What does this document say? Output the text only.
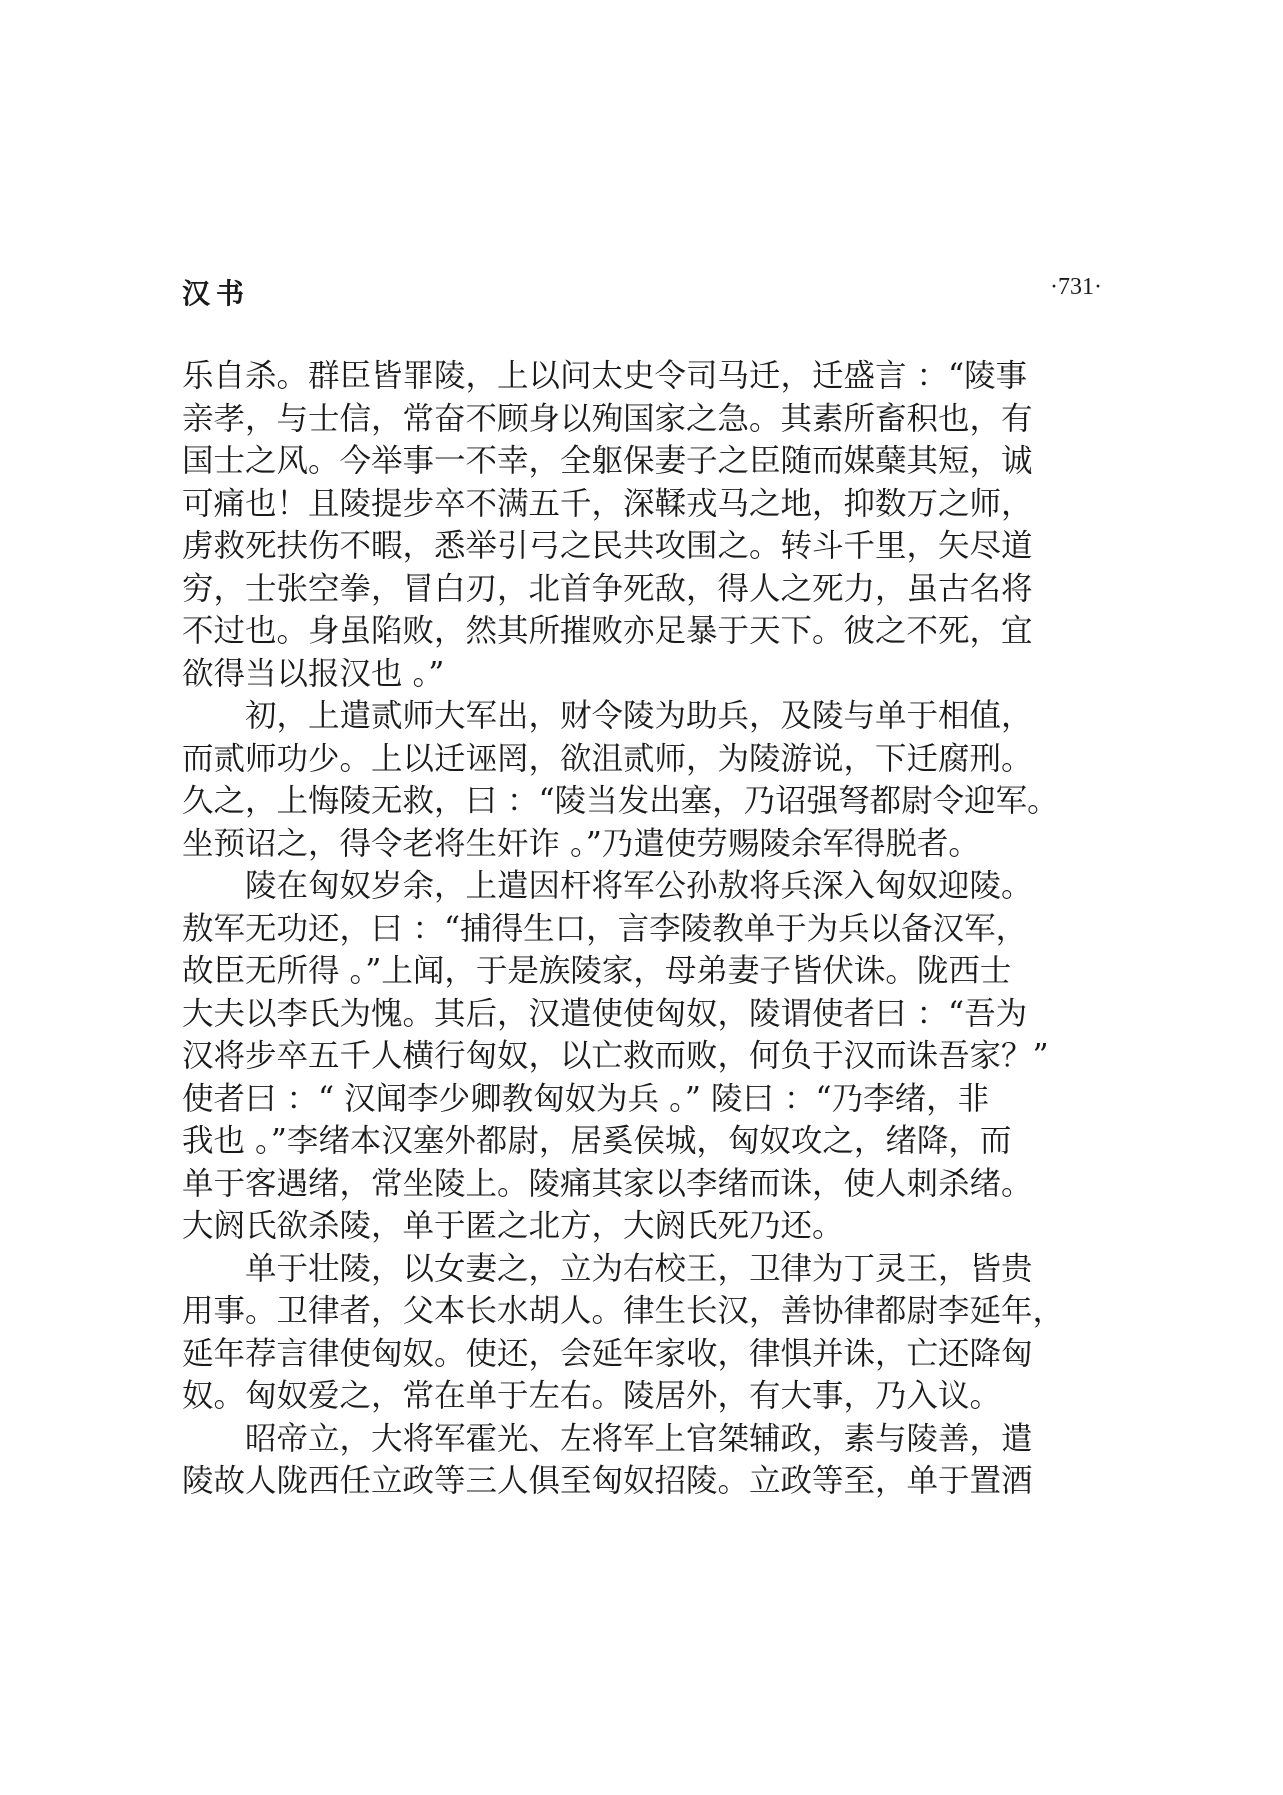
汉书	·731·
乐自杀。群臣皆罪陵，上以问太史令司马迁，迁盛言 ：“陵事
亲孝，与士信，常奋不顾身以殉国家之急。其素所畜积也，有
国士之风。今举事一不幸，全躯保妻子之臣随而媒蘖其短，诚
可痛也！且陵提步卒不满五千，深鞣戎马之地，抑数万之师，
虏救死扶伤不暇，悉举引弓之民共攻围之。转斗千里，矢尽道
穷，士张空拳，冒白刃，北首争死敌，得人之死力，虽古名将
不过也。身虽陷败，然其所摧败亦足暴于天下。彼之不死，宜
欲得当以报汉也 。”
初，上遣贰师大军出，财令陵为助兵，及陵与单于相值，
而贰师功少。上以迁诬罔，欲沮贰师，为陵游说，下迁腐刑。
久之，上悔陵无救，曰 ：“陵当发出塞，乃诏强弩都尉令迎军。
坐预诏之，得令老将生奸诈 。”乃遣使劳赐陵余军得脱者。
陵在匈奴岁余，上遣因杆将军公孙敖将兵深入匈奴迎陵。
敖军无功还，曰 ：“捕得生口，言李陵教单于为兵以备汉军，
故臣无所得 。”上闻，于是族陵家，母弟妻子皆伏诛。陇西士
大夫以李氏为愧。其后，汉遣使使匈奴，陵谓使者曰 ：“吾为
汉将步卒五千人横行匈奴，以亡救而败，何负于汉而诛吾家？”
使者曰 ：“ 汉闻李少卿教匈奴为兵 。” 陵曰 ：“乃李绪，非
我也 。”李绪本汉塞外都尉，居奚侯城，匈奴攻之，绪降，而
单于客遇绪，常坐陵上。陵痛其家以李绪而诛，使人刺杀绪。
大阏氏欲杀陵，单于匿之北方，大阏氏死乃还。
单于壮陵，以女妻之，立为右校王，卫律为丁灵王，皆贵
用事。卫律者，父本长水胡人。律生长汉，善协律都尉李延年，
延年荐言律使匈奴。使还，会延年家收，律惧并诛，亡还降匈
奴。匈奴爱之，常在单于左右。陵居外，有大事，乃入议。
昭帝立，大将军霍光、左将军上官桀辅政，素与陵善，遣
陵故人陇西任立政等三人俱至匈奴招陵。立政等至，单于置酒
